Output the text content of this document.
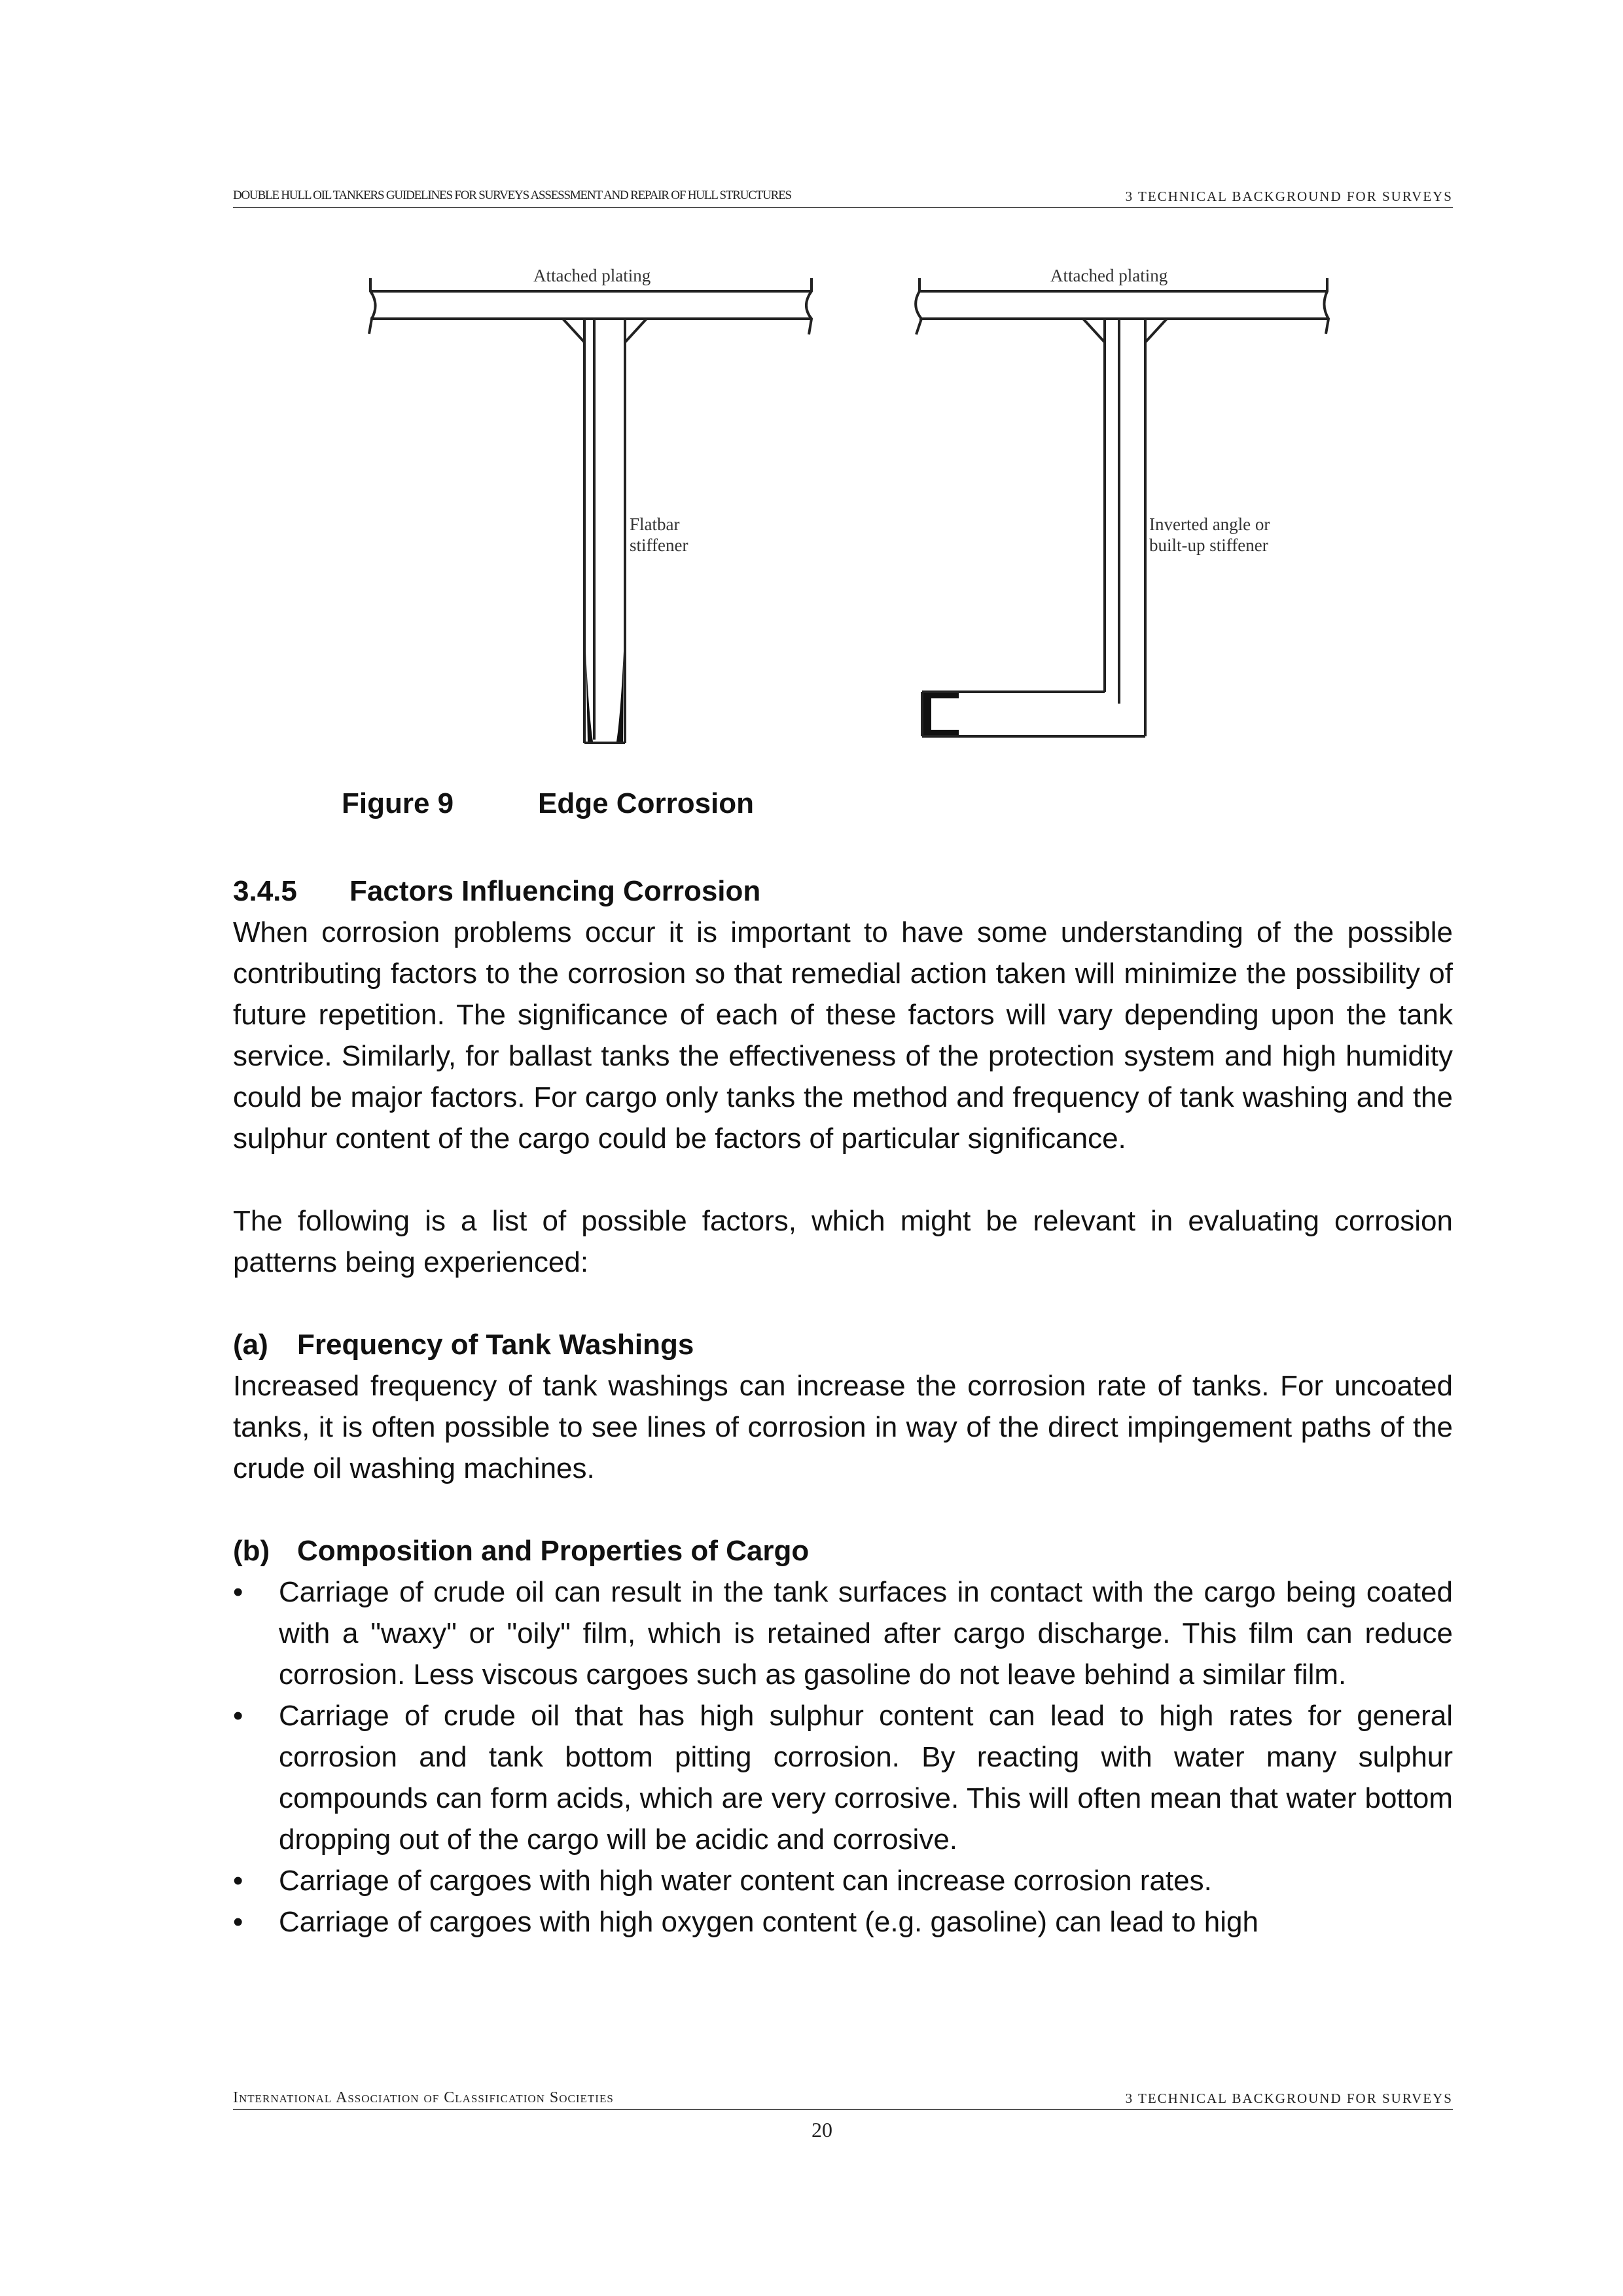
DOUBLE HULL OIL TANKERS GUIDELINES FOR SURVEYS ASSESSMENT AND REPAIR OF HULL STRUCTURES	3 TECHNICAL BACKGROUND FOR SURVEYS
Attached plating	Attached plating
Flatbar
stiffener
Inverted angle or
built-up stiffener
Figure 9	Edge Corrosion
3.4.5 Factors Influencing Corrosion

When corrosion problems occur it is important to have some understanding of the possible contributing factors to the corrosion so that remedial action taken will minimize the possibility of future repetition. The significance of each of these factors will vary depending upon the tank service. Similarly, for ballast tanks the effectiveness of the protection system and high humidity could be major factors. For cargo only tanks the method and frequency of tank washing and the sulphur content of the cargo could be factors of particular significance.

The following is a list of possible factors, which might be relevant in evaluating corrosion patterns being experienced:

(a) Frequency of Tank Washings

Increased frequency of tank washings can increase the corrosion rate of tanks. For uncoated tanks, it is often possible to see lines of corrosion in way of the direct impingement paths of the crude oil washing machines.

(b) Composition and Properties of Cargo
•	Carriage of crude oil can result in the tank surfaces in contact with the cargo being coated with a "waxy" or "oily" film, which is retained after cargo discharge. This film can reduce corrosion. Less viscous cargoes such as gasoline do not leave behind a similar film.
•	Carriage of crude oil that has high sulphur content can lead to high rates for general corrosion and tank bottom pitting corrosion. By reacting with water many sulphur compounds can form acids, which are very corrosive. This will often mean that water bottom dropping out of the cargo will be acidic and corrosive.
•	Carriage of cargoes with high water content can increase corrosion rates.
•	Carriage of cargoes with high oxygen content (e.g. gasoline) can lead to high
International Association of Classification Societies	3 TECHNICAL BACKGROUND FOR SURVEYS
20
